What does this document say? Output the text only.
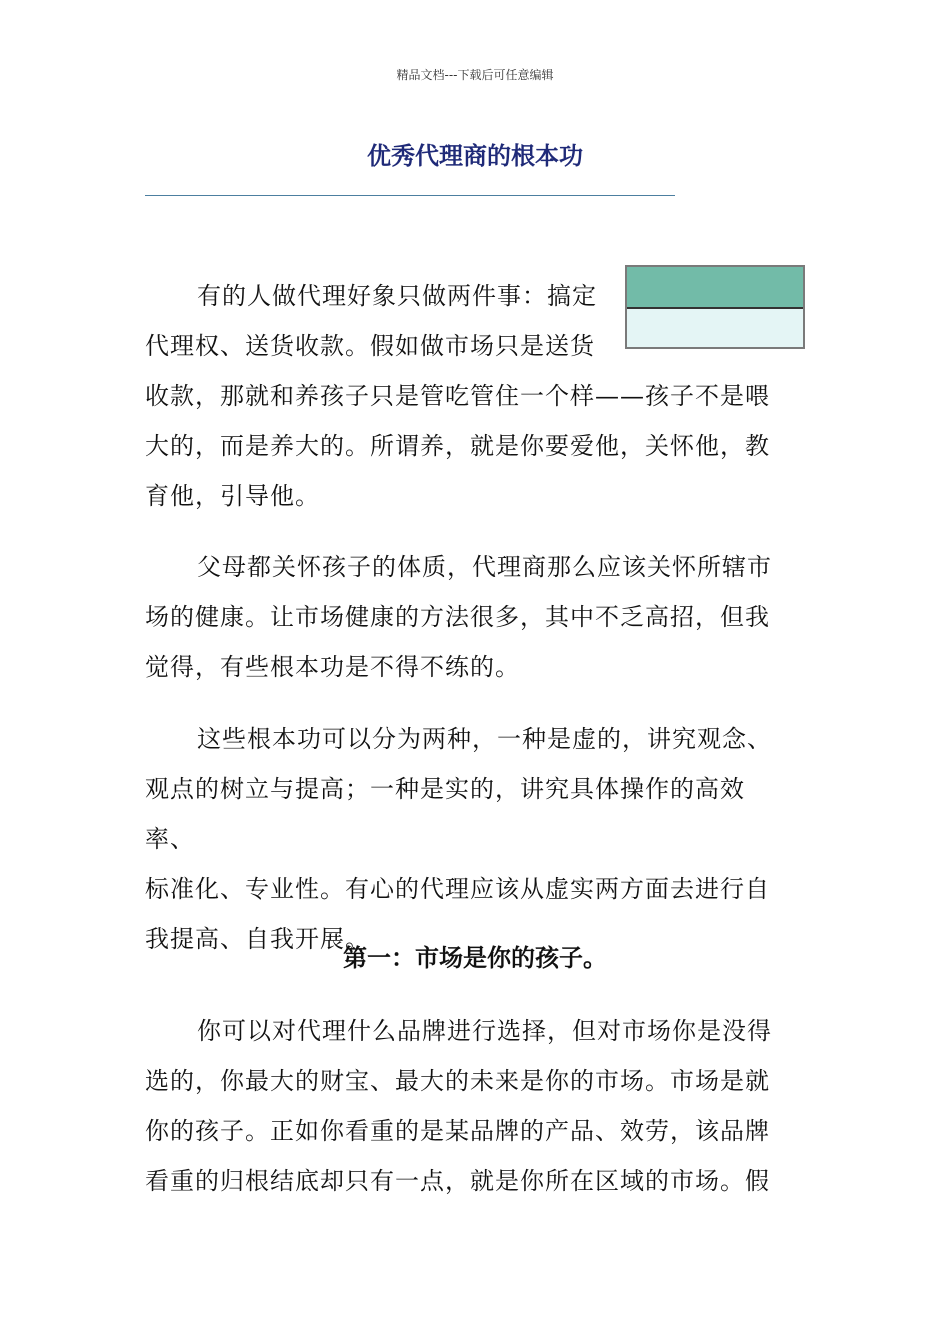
精品文档---下载后可任意编辑
优秀代理商的根本功
有的人做代理好象只做两件事：搞定
代理权、送货收款。假如做市场只是送货
收款，那就和养孩子只是管吃管住一个样——孩子不是喂
大的，而是养大的。所谓养，就是你要爱他，关怀他，教
育他，引导他。
父母都关怀孩子的体质，代理商那么应该关怀所辖市
场的健康。让市场健康的方法很多，其中不乏高招，但我
觉得，有些根本功是不得不练的。
这些根本功可以分为两种，一种是虚的，讲究观念、
观点的树立与提高；一种是实的，讲究具体操作的高效率、
标准化、专业性。有心的代理应该从虚实两方面去进行自
我提高、自我开展。
第一：市场是你的孩子。
你可以对代理什么品牌进行选择，但对市场你是没得
选的，你最大的财宝、最大的未来是你的市场。市场是就
你的孩子。正如你看重的是某品牌的产品、效劳，该品牌
看重的归根结底却只有一点，就是你所在区域的市场。假
